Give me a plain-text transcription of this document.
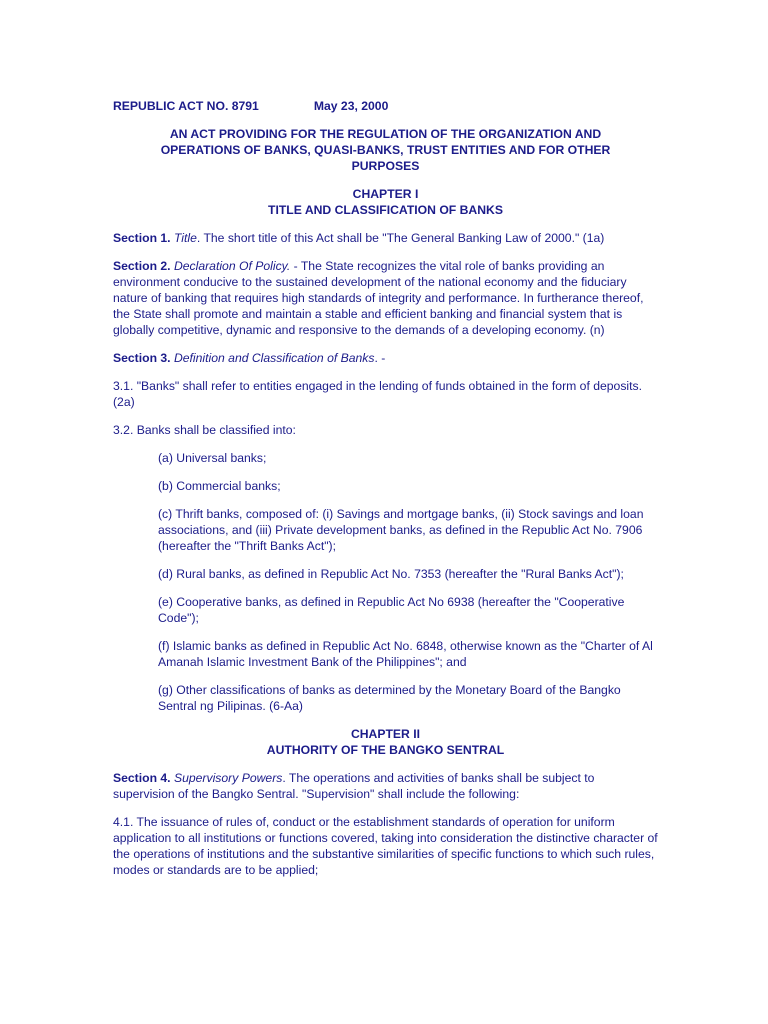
REPUBLIC ACT NO. 8791	May 23, 2000
AN ACT PROVIDING FOR THE REGULATION OF THE ORGANIZATION AND
OPERATIONS OF BANKS, QUASI-BANKS, TRUST ENTITIES AND FOR OTHER
PURPOSES
CHAPTER I
TITLE AND CLASSIFICATION OF BANKS

Section 1. Title. The short title of this Act shall be "The General Banking Law of 2000." (1a)

Section 2. Declaration Of Policy. - The State recognizes the vital role of banks providing an environment conducive to the sustained development of the national economy and the fiduciary nature of banking that requires high standards of integrity and performance. In furtherance thereof, the State shall promote and maintain a stable and efficient banking and financial system that is globally competitive, dynamic and responsive to the demands of a developing economy. (n)

Section 3. Definition and Classification of Banks. -

3.1. "Banks" shall refer to entities engaged in the lending of funds obtained in the form of deposits. (2a)

3.2. Banks shall be classified into:

(a) Universal banks;

(b) Commercial banks;

(c) Thrift banks, composed of: (i) Savings and mortgage banks, (ii) Stock savings and loan associations, and (iii) Private development banks, as defined in the Republic Act No. 7906 (hereafter the "Thrift Banks Act");

(d) Rural banks, as defined in Republic Act No. 7353 (hereafter the "Rural Banks Act");

(e) Cooperative banks, as defined in Republic Act No 6938 (hereafter the "Cooperative Code");

(f) Islamic banks as defined in Republic Act No. 6848, otherwise known as the "Charter of Al Amanah Islamic Investment Bank of the Philippines"; and

(g) Other classifications of banks as determined by the Monetary Board of the Bangko Sentral ng Pilipinas. (6-Aa)

CHAPTER II
AUTHORITY OF THE BANGKO SENTRAL

Section 4. Supervisory Powers. The operations and activities of banks shall be subject to supervision of the Bangko Sentral. "Supervision" shall include the following:

4.1. The issuance of rules of, conduct or the establishment standards of operation for uniform application to all institutions or functions covered, taking into consideration the distinctive character of the operations of institutions and the substantive similarities of specific functions to which such rules, modes or standards are to be applied;
